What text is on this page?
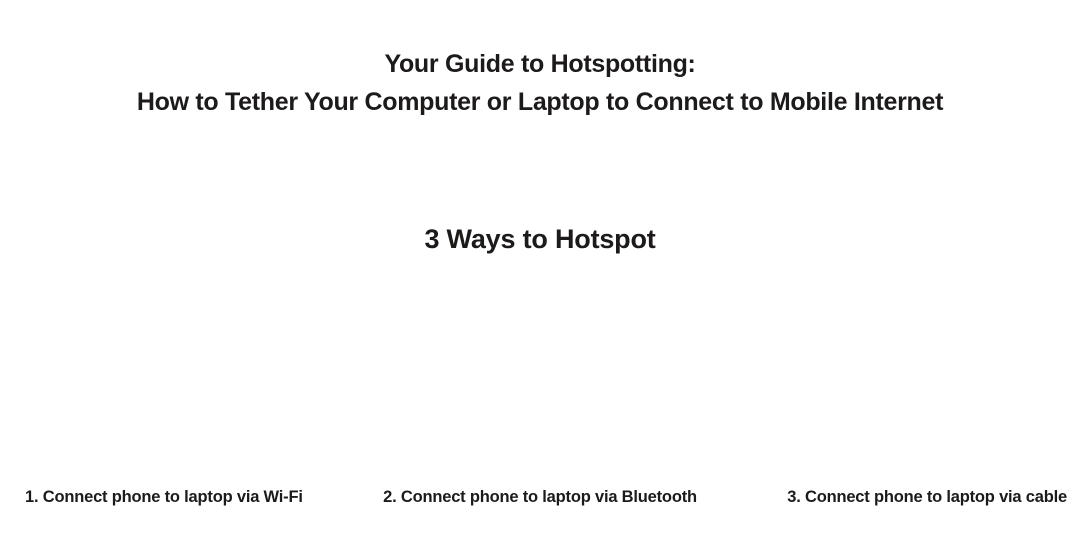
Your Guide to Hotspotting:
How to Tether Your Computer or Laptop to Connect to Mobile Internet
3 Ways to Hotspot
1. Connect phone to laptop via Wi-Fi	2. Connect phone to laptop via Bluetooth	3. Connect phone to laptop via cable
